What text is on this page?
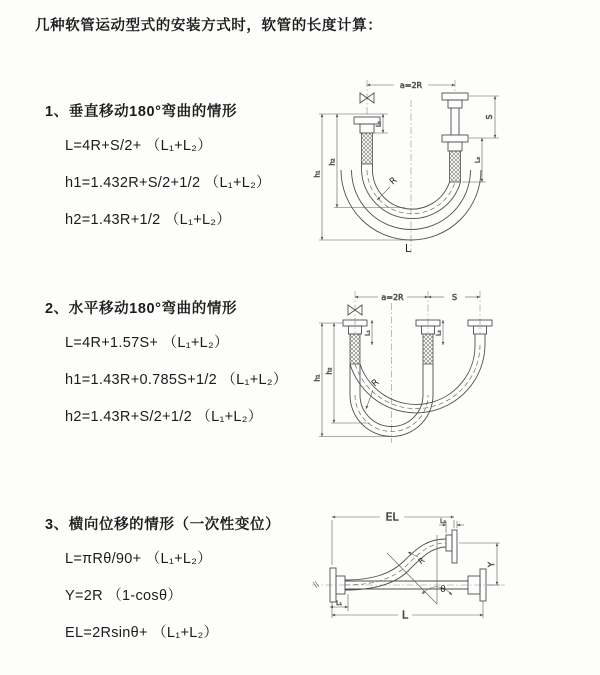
几种软管运动型式的安装方式时，软管的长度计算：
1、垂直移动180°弯曲的情形
L=4R+S/2+ （L₁+L₂）
h1=1.432R+S/2+1/2 （L₁+L₂）
h2=1.43R+1/2 （L₁+L₂）
2、水平移动180°弯曲的情形
L=4R+1.57S+ （L₁+L₂）
h1=1.43R+0.785S+1/2 （L₁+L₂）
h2=1.43R+S/2+1/2 （L₁+L₂）
3、横向位移的情形（一次性变位）
L=πRθ/90+ （L₁+L₂）
Y=2R （1-cosθ）
EL=2Rsinθ+ （L₁+L₂）
a=2R
h₁
h₂
S
L₂
L₁
R
L
a=2R	S
h₁
h₂
L₁	L₂
R
EL	L₂
Y
L
L₁
R
θ
